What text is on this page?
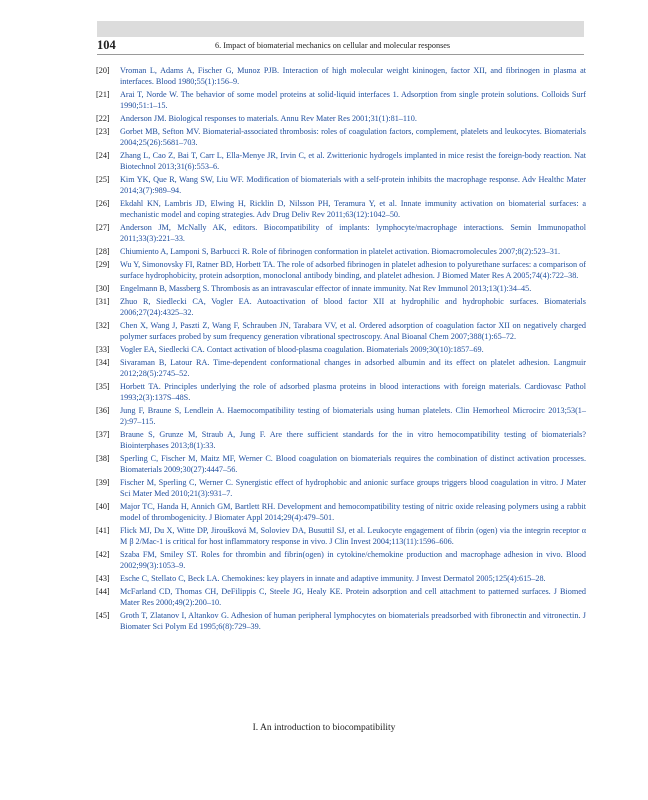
104	6. Impact of biomaterial mechanics on cellular and molecular responses
[20]	Vroman L, Adams A, Fischer G, Munoz PJB. Interaction of high molecular weight kininogen, factor XII, and fibrinogen in plasma at interfaces. Blood 1980;55(1):156–9.
[21]	Arai T, Norde W. The behavior of some model proteins at solid-liquid interfaces 1. Adsorption from single protein solutions. Colloids Surf 1990;51:1–15.
[22]	Anderson JM. Biological responses to materials. Annu Rev Mater Res 2001;31(1):81–110.
[23]	Gorbet MB, Sefton MV. Biomaterial-associated thrombosis: roles of coagulation factors, complement, platelets and leukocytes. Biomaterials 2004;25(26):5681–703.
[24]	Zhang L, Cao Z, Bai T, Carr L, Ella-Menye JR, Irvin C, et al. Zwitterionic hydrogels implanted in mice resist the foreign-body reaction. Nat Biotechnol 2013;31(6):553–6.
[25]	Kim YK, Que R, Wang SW, Liu WF. Modification of biomaterials with a self-protein inhibits the macrophage response. Adv Healthc Mater 2014;3(7):989–94.
[26]	Ekdahl KN, Lambris JD, Elwing H, Ricklin D, Nilsson PH, Teramura Y, et al. Innate immunity activation on biomaterial surfaces: a mechanistic model and coping strategies. Adv Drug Deliv Rev 2011;63(12):1042–50.
[27]	Anderson JM, McNally AK, editors. Biocompatibility of implants: lymphocyte/macrophage interactions. Semin Immunopathol 2011;33(3):221–33.
[28]	Chiumiento A, Lamponi S, Barbucci R. Role of fibrinogen conformation in platelet activation. Biomacromolecules 2007;8(2):523–31.
[29]	Wu Y, Simonovsky FI, Ratner BD, Horbett TA. The role of adsorbed fibrinogen in platelet adhesion to polyurethane surfaces: a comparison of surface hydrophobicity, protein adsorption, monoclonal antibody binding, and platelet adhesion. J Biomed Mater Res A 2005;74(4):722–38.
[30]	Engelmann B, Massberg S. Thrombosis as an intravascular effector of innate immunity. Nat Rev Immunol 2013;13(1):34–45.
[31]	Zhuo R, Siedlecki CA, Vogler EA. Autoactivation of blood factor XII at hydrophilic and hydrophobic surfaces. Biomaterials 2006;27(24):4325–32.
[32]	Chen X, Wang J, Paszti Z, Wang F, Schrauben JN, Tarabara VV, et al. Ordered adsorption of coagulation factor XII on negatively charged polymer surfaces probed by sum frequency generation vibrational spectroscopy. Anal Bioanal Chem 2007;388(1):65–72.
[33]	Vogler EA, Siedlecki CA. Contact activation of blood-plasma coagulation. Biomaterials 2009;30(10):1857–69.
[34]	Sivaraman B, Latour RA. Time-dependent conformational changes in adsorbed albumin and its effect on platelet adhesion. Langmuir 2012;28(5):2745–52.
[35]	Horbett TA. Principles underlying the role of adsorbed plasma proteins in blood interactions with foreign materials. Cardiovasc Pathol 1993;2(3):137S–48S.
[36]	Jung F, Braune S, Lendlein A. Haemocompatibility testing of biomaterials using human platelets. Clin Hemorheol Microcirc 2013;53(1–2):97–115.
[37]	Braune S, Grunze M, Straub A, Jung F. Are there sufficient standards for the in vitro hemocompatibility testing of biomaterials? Biointerphases 2013;8(1):33.
[38]	Sperling C, Fischer M, Maitz MF, Werner C. Blood coagulation on biomaterials requires the combination of distinct activation processes. Biomaterials 2009;30(27):4447–56.
[39]	Fischer M, Sperling C, Werner C. Synergistic effect of hydrophobic and anionic surface groups triggers blood coagulation in vitro. J Mater Sci Mater Med 2010;21(3):931–7.
[40]	Major TC, Handa H, Annich GM, Bartlett RH. Development and hemocompatibility testing of nitric oxide releasing polymers using a rabbit model of thrombogenicity. J Biomater Appl 2014;29(4):479–501.
[41]	Flick MJ, Du X, Witte DP, Jiroušková M, Soloviev DA, Busuttil SJ, et al. Leukocyte engagement of fibrin (ogen) via the integrin receptor α M β 2/Mac-1 is critical for host inflammatory response in vivo. J Clin Invest 2004;113(11):1596–606.
[42]	Szaba FM, Smiley ST. Roles for thrombin and fibrin(ogen) in cytokine/chemokine production and macrophage adhesion in vivo. Blood 2002;99(3):1053–9.
[43]	Esche C, Stellato C, Beck LA. Chemokines: key players in innate and adaptive immunity. J Invest Dermatol 2005;125(4):615–28.
[44]	McFarland CD, Thomas CH, DeFilippis C, Steele JG, Healy KE. Protein adsorption and cell attachment to patterned surfaces. J Biomed Mater Res 2000;49(2):200–10.
[45]	Groth T, Zlatanov I, Altankov G. Adhesion of human peripheral lymphocytes on biomaterials preadsorbed with fibronectin and vitronectin. J Biomater Sci Polym Ed 1995;6(8):729–39.
I. An introduction to biocompatibility
